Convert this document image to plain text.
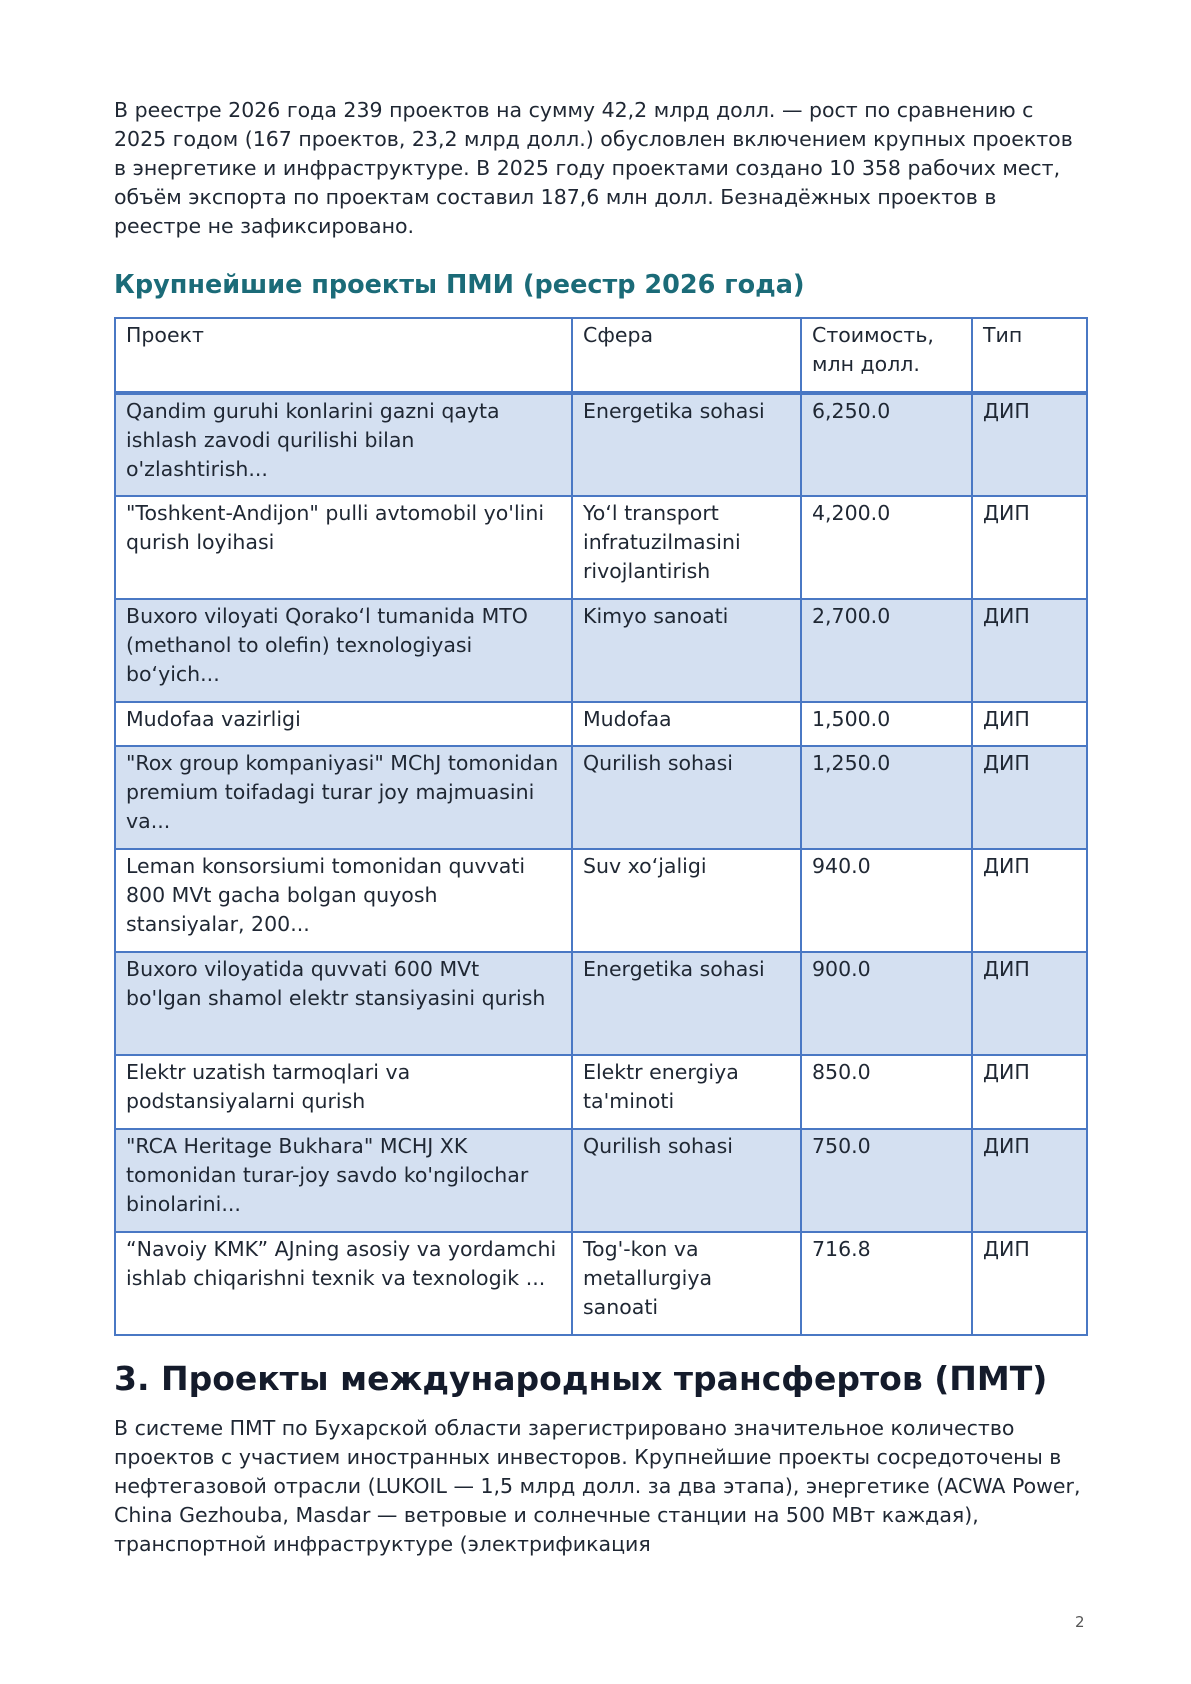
В реестре 2026 года 239 проектов на сумму 42,2 млрд долл. — рост по сравнению с 2025 годом (167 проектов, 23,2 млрд долл.) обусловлен включением крупных проектов в энергетике и инфраструктуре. В 2025 году проектами создано 10 358 рабочих мест, объём экспорта по проектам составил 187,6 млн долл. Безнадёжных проектов в реестре не зафиксировано.

Крупнейшие проекты ПМИ (реестр 2026 года)
Проект	Сфера	Стоимость, млн долл.	Тип
Qandim guruhi konlarini gazni qayta ishlash zavodi qurilishi bilan o'zlashtirish...	Energetika sohasi	6,250.0	ДИП
"Toshkent-Andijon" pulli avtomobil yo'lini qurish loyihasi	Yo‘l transport infratuzilmasini rivojlantirish	4,200.0	ДИП
Buxoro viloyati Qorako‘l tumanida MTO (methanol to olefin) texnologiyasi bo‘yich...	Kimyo sanoati	2,700.0	ДИП
Mudofaa vazirligi	Mudofaa	1,500.0	ДИП
"Rox group kompaniyasi" MChJ tomonidan premium toifadagi turar joy majmuasini va...	Qurilish sohasi	1,250.0	ДИП
Leman konsorsiumi tomonidan quvvati 800 MVt gacha bolgan quyosh stansiyalar, 200...	Suv xo‘jaligi	940.0	ДИП
Buxoro viloyatida quvvati 600 MVt bo'lgan shamol elektr stansiyasini qurish	Energetika sohasi	900.0	ДИП
Elektr uzatish tarmoqlari va podstansiyalarni qurish	Elektr energiya ta'minoti	850.0	ДИП
"RCA Heritage Bukhara" MCHJ XK tomonidan turar-joy savdo ko'ngilochar binolarini...	Qurilish sohasi	750.0	ДИП
“Navoiy KMK” AJning asosiy va yordamchi ishlab chiqarishni texnik va texnologik ...	Tog'-kon va metallurgiya sanoati	716.8	ДИП
3. Проекты международных трансфертов (ПМТ)

В системе ПМТ по Бухарской области зарегистрировано значительное количество проектов с участием иностранных инвесторов. Крупнейшие проекты сосредоточены в нефтегазовой отрасли (LUKOIL — 1,5 млрд долл. за два этапа), энергетике (ACWA Power, China Gezhouba, Masdar — ветровые и солнечные станции на 500 МВт каждая), транспортной инфраструктуре (электрификация

2
